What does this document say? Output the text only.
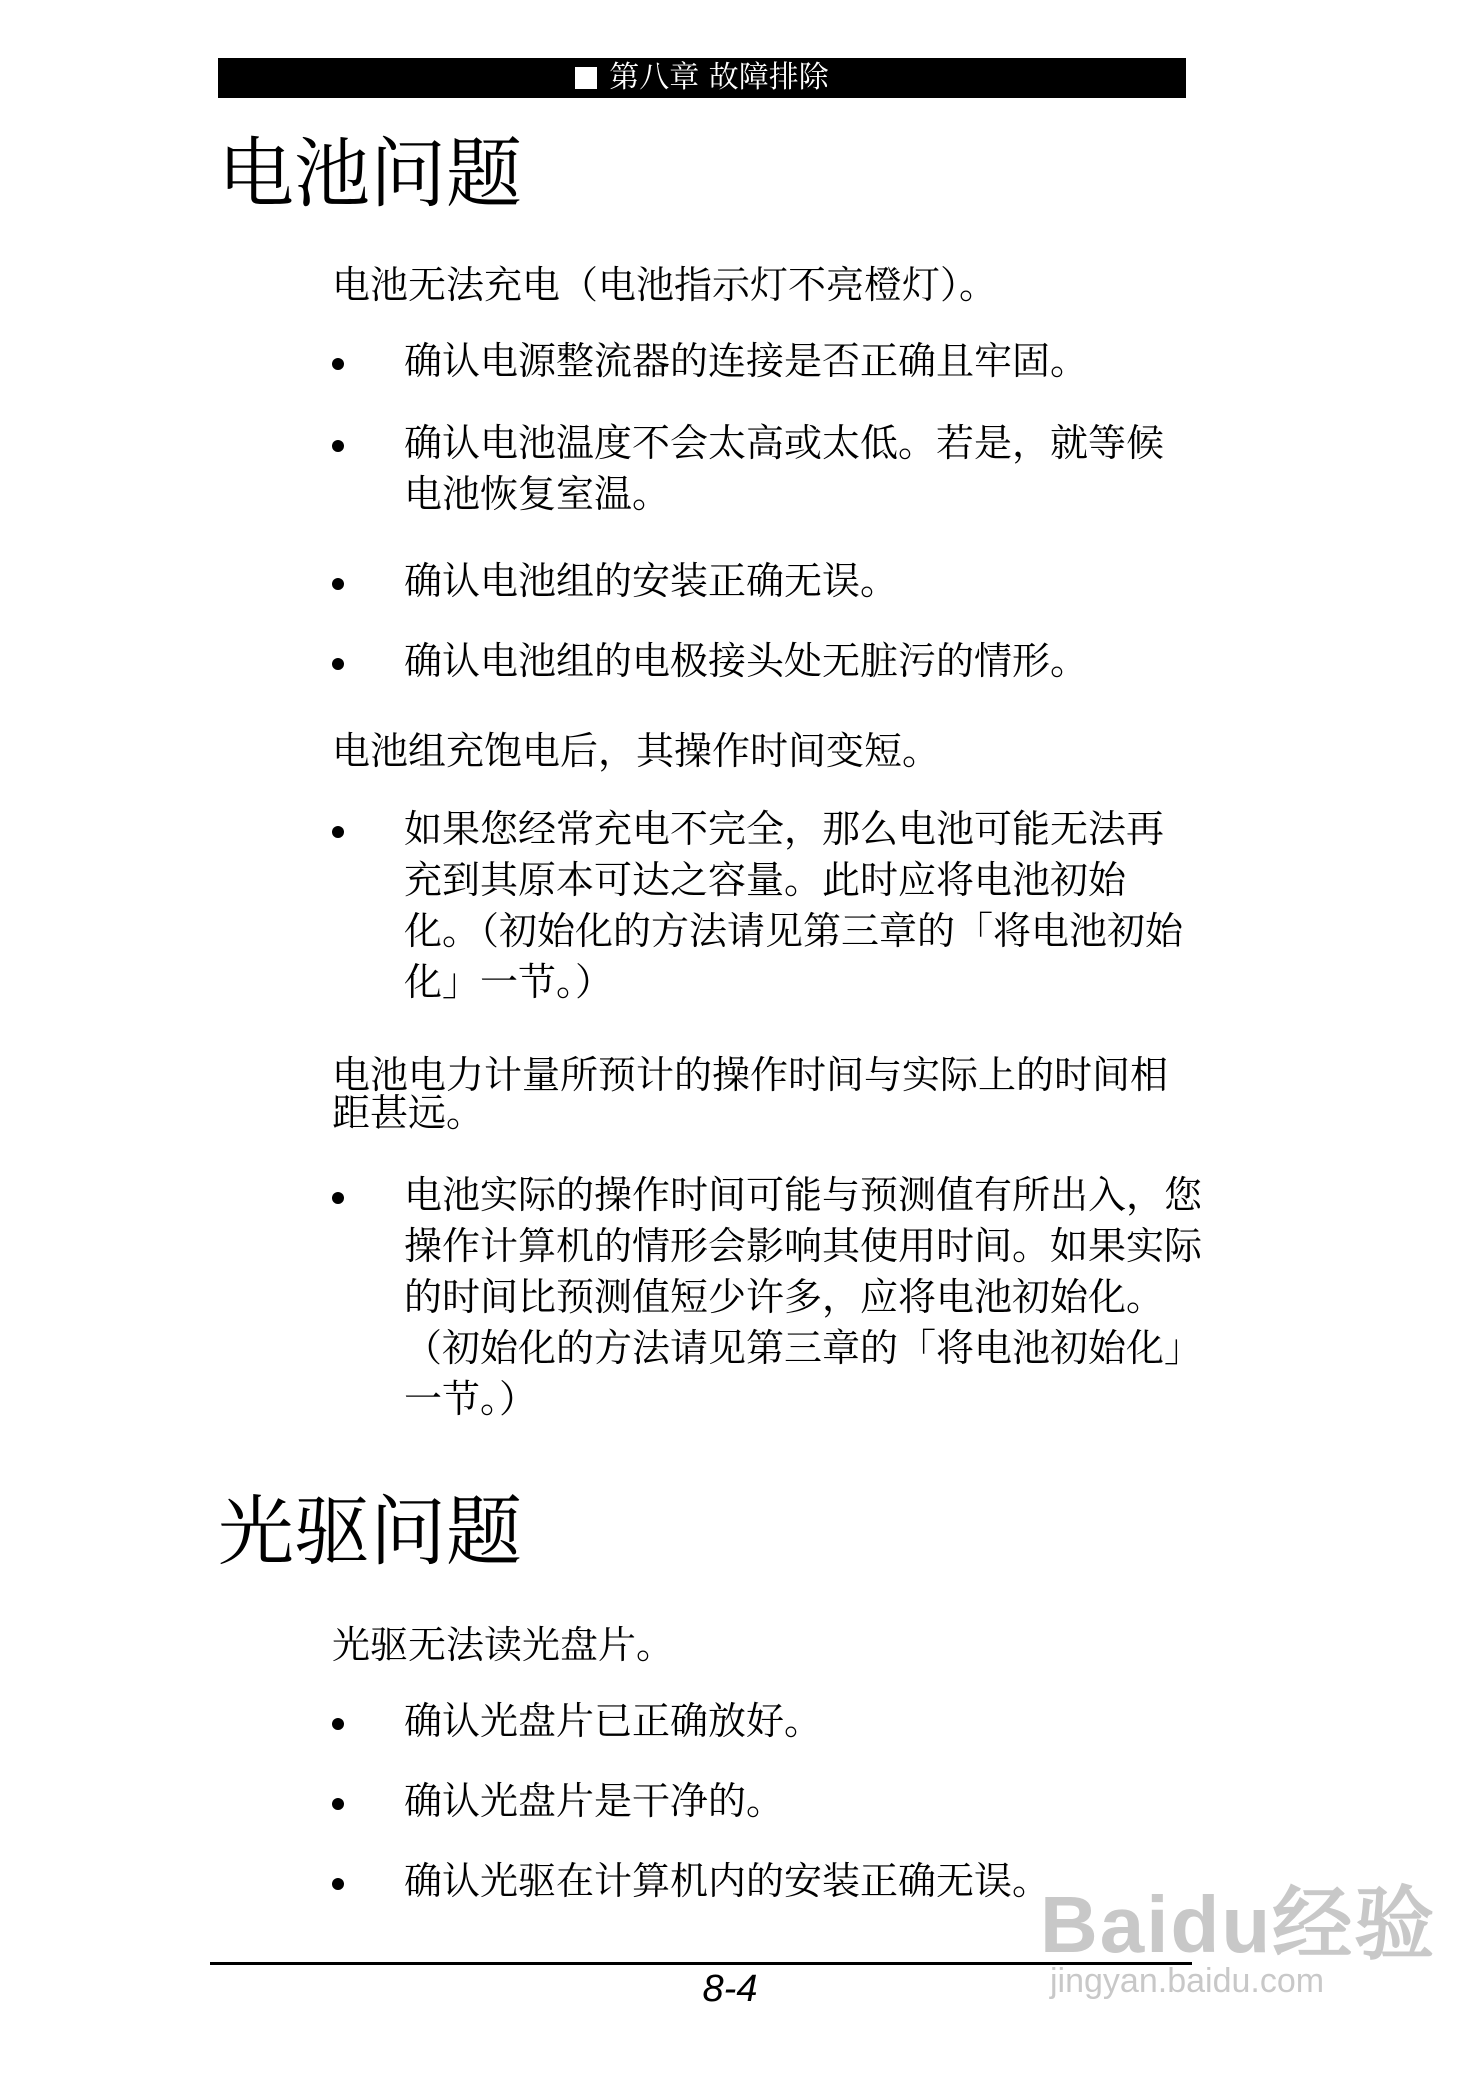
第八章 故障排除
电池问题

电池无法充电（电池指示灯不亮橙灯）。

确认电源整流器的连接是否正确且牢固。

确认电池温度不会太高或太低。若是，就等候电池恢复室温。

确认电池组的安装正确无误。

确认电池组的电极接头处无脏污的情形。

电池组充饱电后，其操作时间变短。

如果您经常充电不完全，那么电池可能无法再充到其原本可达之容量。此时应将电池初始化。（初始化的方法请见第三章的「将电池初始化」一节。）

电池电力计量所预计的操作时间与实际上的时间相距甚远。

电池实际的操作时间可能与预测值有所出入，您操作计算机的情形会影响其使用时间。如果实际的时间比预测值短少许多，应将电池初始化。（初始化的方法请见第三章的「将电池初始化」一节。）

光驱问题

光驱无法读光盘片。

确认光盘片已正确放好。

确认光盘片是干净的。

确认光驱在计算机内的安装正确无误。

8-4
Baidu经验
jingyan.baidu.com
